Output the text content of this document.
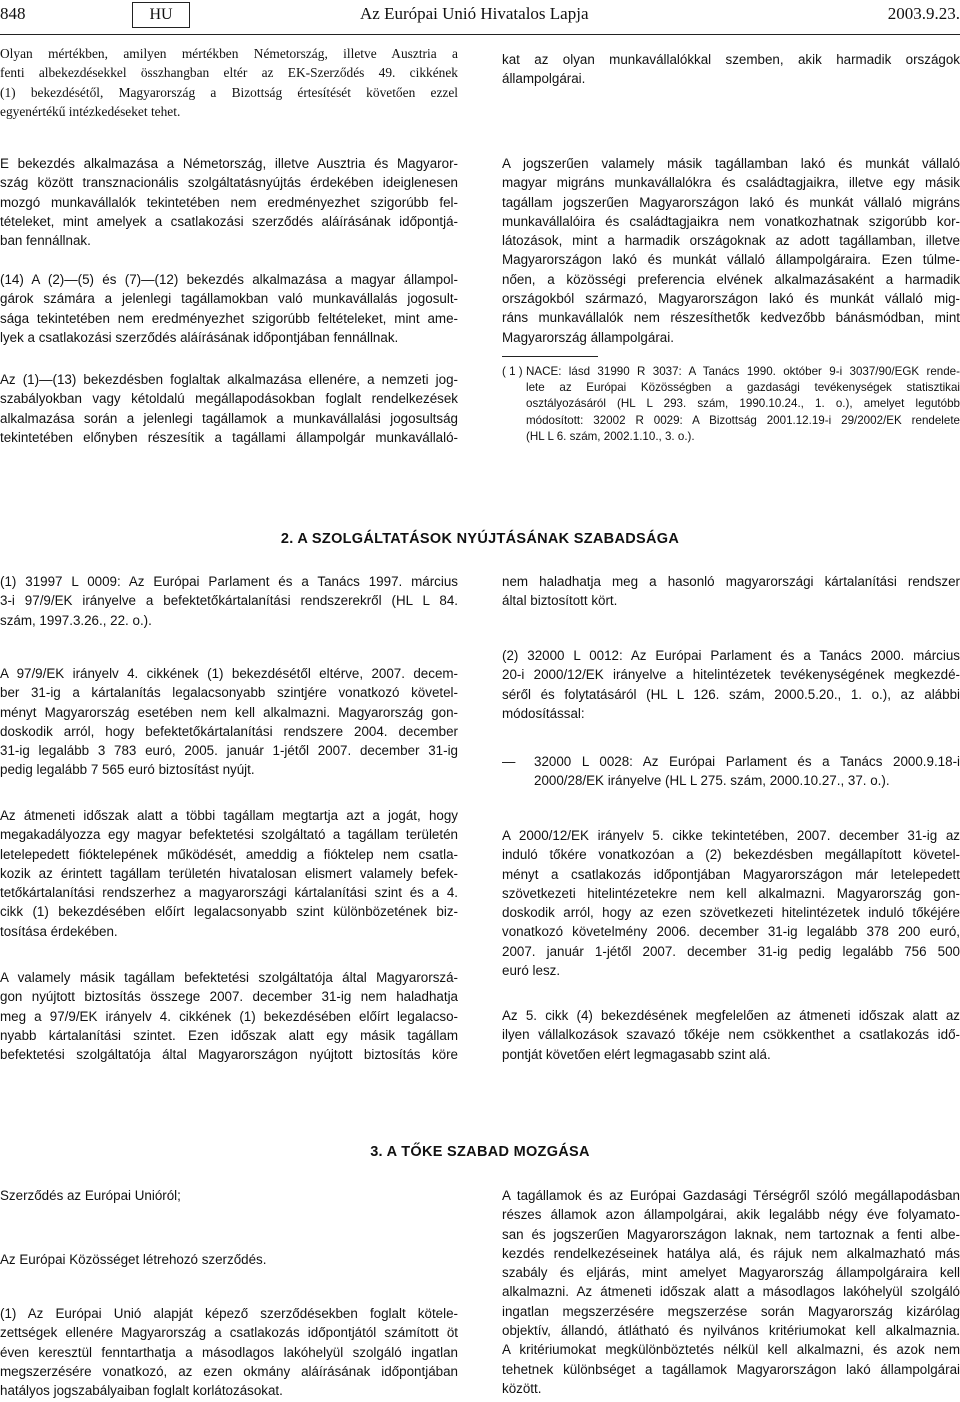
848	HU	Az Európai Unió Hivatalos Lapja	2003.9.23.
Olyan mértékben, amilyen mértékben Németország, illetve Ausztria a
fenti albekezdésekkel összhangban eltér az EK-Szerződés 49. cikkének
(1) bekezdésétől, Magyarország a Bizottság értesítését követően ezzel
egyenértékű intézkedéseket tehet.
kat az olyan munkavállalókkal szemben, akik harmadik országok
állampolgárai.
E bekezdés alkalmazása a Németország, illetve Ausztria és Magyaror-
szág között transznacionális szolgáltatásnyújtás érdekében ideiglenesen
mozgó munkavállalók tekintetében nem eredményezhet szigorúbb fel-
tételeket, mint amelyek a csatlakozási szerződés aláírásának időpontjá-
ban fennállnak.
(14) A (2)—(5) és (7)—(12) bekezdés alkalmazása a magyar állampol-
gárok számára a jelenlegi tagállamokban való munkavállalás jogosult-
sága tekintetében nem eredményezhet szigorúbb feltételeket, mint ame-
lyek a csatlakozási szerződés aláírásának időpontjában fennállnak.
Az (1)—(13) bekezdésben foglaltak alkalmazása ellenére, a nemzeti jog-
szabályokban vagy kétoldalú megállapodásokban foglalt rendelkezések
alkalmazása során a jelenlegi tagállamok a munkavállalási jogosultság
tekintetében előnyben részesítik a tagállami állampolgár munkavállaló-
A jogszerűen valamely másik tagállamban lakó és munkát vállaló
magyar migráns munkavállalókra és családtagjaikra, illetve egy másik
tagállam jogszerűen Magyarországon lakó és munkát vállaló migráns
munkavállalóira és családtagjaikra nem vonatkozhatnak szigorúbb kor-
látozások, mint a harmadik országoknak az adott tagállamban, illetve
Magyarországon lakó és munkát vállaló állampolgáraira. Ezen túlme-
nően, a közösségi preferencia elvének alkalmazásaként a harmadik
országokból származó, Magyarországon lakó és munkát vállaló mig-
ráns munkavállalók nem részesíthetők kedvezőbb bánásmódban, mint
Magyarország állampolgárai.
( 1 ) NACE: lásd 31990 R 3037: A Tanács 1990. október 9-i 3037/90/EGK rende-
lete az Európai Közösségben a gazdasági tevékenységek statisztikai
osztályozásáról (HL L 293. szám, 1990.10.24., 1. o.), amelyet legutóbb
módosított: 32002 R 0029: A Bizottság 2001.12.19-i 29/2002/EK rendelete
(HL L 6. szám, 2002.1.10., 3. o.).
2. A SZOLGÁLTATÁSOK NYÚJTÁSÁNAK SZABADSÁGA
(1) 31997 L 0009: Az Európai Parlament és a Tanács 1997. március
3-i 97/9/EK irányelve a befektetőkártalanítási rendszerekről (HL L 84.
szám, 1997.3.26., 22. o.).
A 97/9/EK irányelv 4. cikkének (1) bekezdésétől eltérve, 2007. decem-
ber 31-ig a kártalanítás legalacsonyabb szintjére vonatkozó követel-
ményt Magyarország esetében nem kell alkalmazni. Magyarország gon-
doskodik arról, hogy befektetőkártalanítási rendszere 2004. december
31-ig legalább 3 783 euró, 2005. január 1-jétől 2007. december 31-ig
pedig legalább 7 565 euró biztosítást nyújt.
Az átmeneti időszak alatt a többi tagállam megtartja azt a jogát, hogy
megakadályozza egy magyar befektetési szolgáltató a tagállam területén
letelepedett fióktelepének működését, ameddig a fióktelep nem csatla-
kozik az érintett tagállam területén hivatalosan elismert valamely befek-
tetőkártalanítási rendszerhez a magyarországi kártalanítási szint és a 4.
cikk (1) bekezdésében előírt legalacsonyabb szint különbözetének biz-
tosítása érdekében.
A valamely másik tagállam befektetési szolgáltatója által Magyarorszá-
gon nyújtott biztosítás összege 2007. december 31-ig nem haladhatja
meg a 97/9/EK irányelv 4. cikkének (1) bekezdésében előírt legalacso-
nyabb kártalanítási szintet. Ezen időszak alatt egy másik tagállam
befektetési szolgáltatója által Magyarországon nyújtott biztosítás köre
nem haladhatja meg a hasonló magyarországi kártalanítási rendszer
által biztosított kört.
(2) 32000 L 0012: Az Európai Parlament és a Tanács 2000. március
20-i 2000/12/EK irányelve a hitelintézetek tevékenységének megkezdé-
séről és folytatásáról (HL L 126. szám, 2000.5.20., 1. o.), az alábbi
módosítással:
— 32000 L 0028: Az Európai Parlament és a Tanács 2000.9.18-i
2000/28/EK irányelve (HL L 275. szám, 2000.10.27., 37. o.).
A 2000/12/EK irányelv 5. cikke tekintetében, 2007. december 31-ig az
induló tőkére vonatkozóan a (2) bekezdésben megállapított követel-
ményt a csatlakozás időpontjában Magyarországon már letelepedett
szövetkezeti hitelintézetekre nem kell alkalmazni. Magyarország gon-
doskodik arról, hogy az ezen szövetkezeti hitelintézetek induló tőkéjére
vonatkozó követelmény 2006. december 31-ig legalább 378 200 euró,
2007. január 1-jétől 2007. december 31-ig pedig legalább 756 500
euró lesz.
Az 5. cikk (4) bekezdésének megfelelően az átmeneti időszak alatt az
ilyen vállalkozások szavazó tőkéje nem csökkenthet a csatlakozás idő-
pontját követően elért legmagasabb szint alá.
3. A TŐKE SZABAD MOZGÁSA
Szerződés az Európai Unióról;
Az Európai Közösséget létrehozó szerződés.
(1) Az Európai Unió alapját képező szerződésekben foglalt kötele-
zettségek ellenére Magyarország a csatlakozás időpontjától számított öt
éven keresztül fenntarthatja a másodlagos lakóhelyül szolgáló ingatlan
megszerzésére vonatkozó, az ezen okmány aláírásának időpontjában
hatályos jogszabályaiban foglalt korlátozásokat.
A tagállamok és az Európai Gazdasági Térségről szóló megállapodásban
részes államok azon állampolgárai, akik legalább négy éve folyamato-
san és jogszerűen Magyarországon laknak, nem tartoznak a fenti albe-
kezdés rendelkezéseinek hatálya alá, és rájuk nem alkalmazható más
szabály és eljárás, mint amelyet Magyarország állampolgáraira kell
alkalmazni. Az átmeneti időszak alatt a másodlagos lakóhelyül szolgáló
ingatlan megszerzésére megszerzése során Magyarország kizárólag
objektív, állandó, átlátható és nyilvános kritériumokat kell alkalmaznia.
A kritériumokat megkülönböztetés nélkül kell alkalmazni, és azok nem
tehetnek különbséget a tagállamok Magyarországon lakó állampolgárai
között.
